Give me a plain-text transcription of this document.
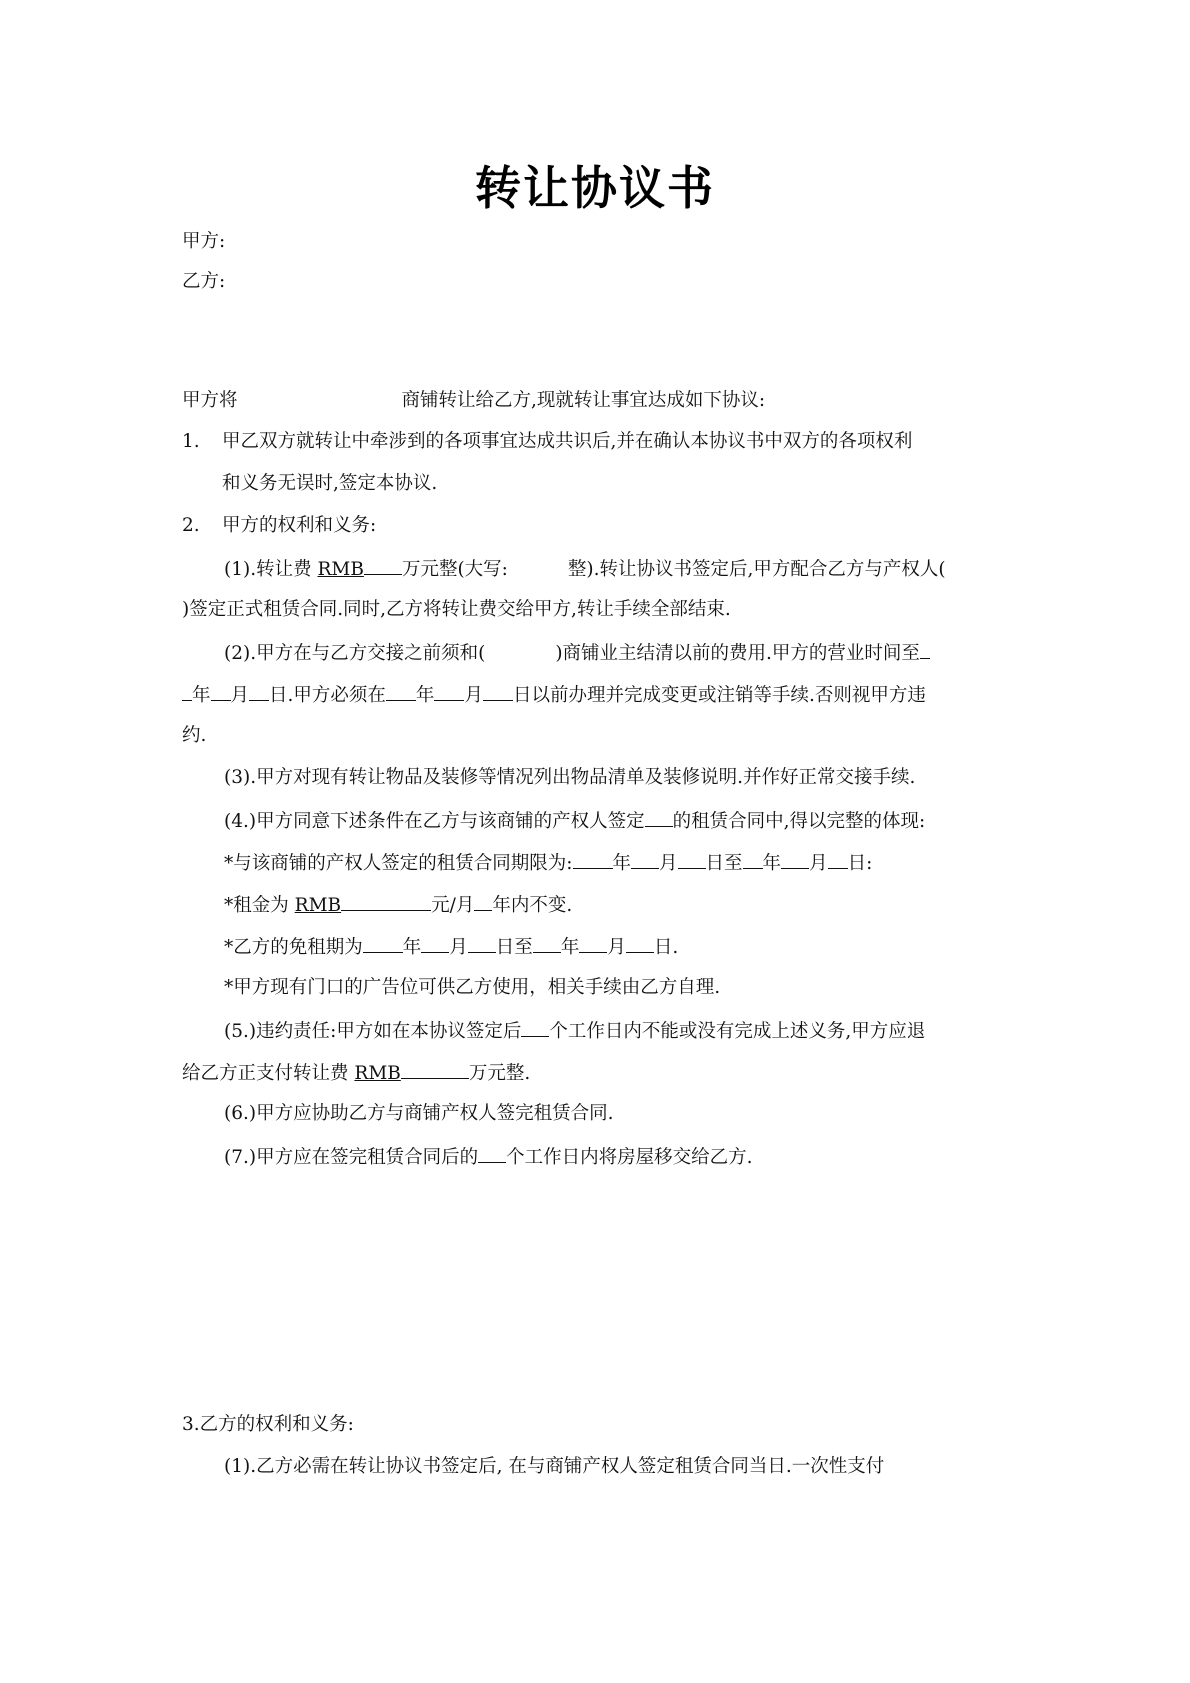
转让协议书
甲方:
乙方:
甲方将	商铺转让给乙方,现就转让事宜达成如下协议:
1. 甲乙双方就转让中牵涉到的各项事宜达成共识后,并在确认本协议书中双方的各项权利
和义务无误时,签定本协议.
2. 甲方的权利和义务:
(1).转让费 RMB 万元整(大写:	整).转让协议书签定后,甲方配合乙方与产权人(
)签定正式租赁合同.同时,乙方将转让费交给甲方,转让手续全部结束.
(2).甲方在与乙方交接之前须和(	)商铺业主结清以前的费用.甲方的营业时间至
年 月 日.甲方必须在 年 月 日以前办理并完成变更或注销等手续.否则视甲方违
约.
(3).甲方对现有转让物品及装修等情况列出物品清单及装修说明.并作好正常交接手续.
(4.)甲方同意下述条件在乙方与该商铺的产权人签定 的租赁合同中,得以完整的体现:
*与该商铺的产权人签定的租赁合同期限为: 年 月 日至 年 月 日:
*租金为 RMB	元/月 年内不变.
*乙方的免租期为 年 月 日至 年 月 日.
*甲方现有门口的广告位可供乙方使用，相关手续由乙方自理.
(5.)违约责任:甲方如在本协议签定后 个工作日内不能或没有完成上述义务,甲方应退
给乙方正支付转让费 RMB	万元整.
(6.)甲方应协助乙方与商铺产权人签完租赁合同.
(7.)甲方应在签完租赁合同后的 个工作日内将房屋移交给乙方.
3.乙方的权利和义务:
(1).乙方必需在转让协议书签定后, 在与商铺产权人签定租赁合同当日.一次性支付
